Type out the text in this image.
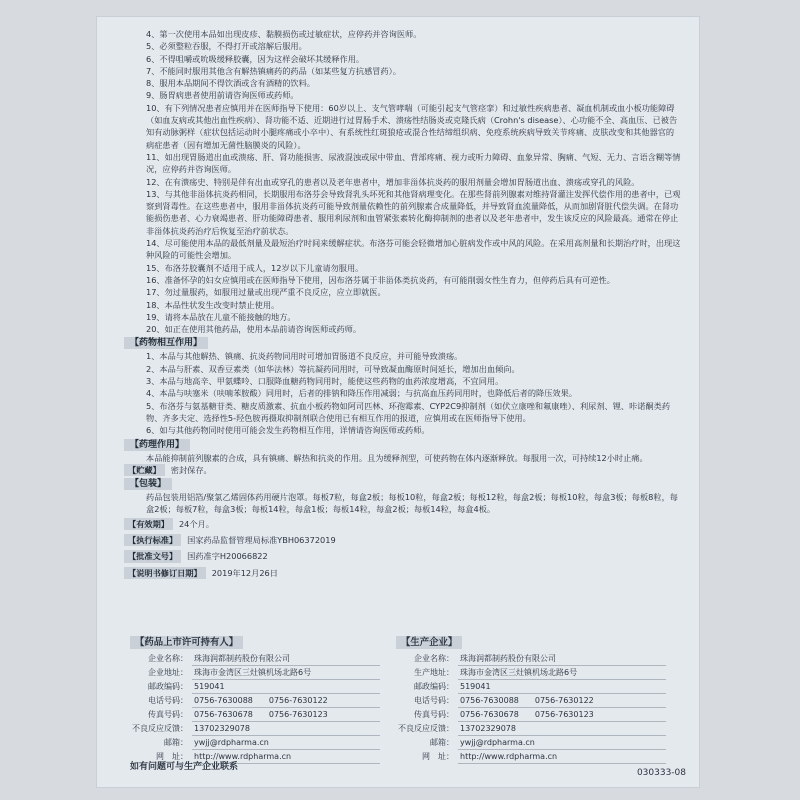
4、第一次使用本品如出现皮疹、黏膜损伤或过敏症状，应停药并咨询医师。

5、必须整粒吞服，不得打开或溶解后服用。

6、不得咀嚼或吮吸缓释胶囊，因为这样会破坏其缓释作用。

7、不能同时服用其他含有解热镇痛药的药品（如某些复方抗感冒药）。

8、服用本品期间不得饮酒或含有酒精的饮料。

9、肠胃病患者使用前请咨询医师或药师。

10、有下列情况患者应慎用并在医师指导下使用：60岁以上、支气管哮喘（可能引起支气管痉挛）和过敏性疾病患者、凝血机制或血小板功能障碍（如血友病或其他出血性疾病）、肾功能不适、近期进行过胃肠手术、溃疡性结肠炎或克隆氏病（Crohn's disease）、心功能不全、高血压、已被告知有动脉粥样（症状包括运动时小腿疼痛或小卒中）、有系统性红斑狼疮或混合性结缔组织病、免疫系统疾病导致关节疼痛、皮肤改变和其他器官的病症患者（因有增加无菌性脑膜炎的风险）。

11、如出现胃肠道出血或溃疡、肝、肾功能损害、尿液混浊或尿中带血、背部疼痛、视力或听力障碍、血象异常、胸痛、气短、无力、言语含糊等情况，应停药并咨询医师。

12、在有溃疡史、特别是伴有出血或穿孔的患者以及老年患者中，增加非甾体抗炎药的服用剂量会增加胃肠道出血、溃疡或穿孔的风险。

13、与其他非甾体抗炎药相同，长期服用布洛芬会导致肾乳头坏死和其他肾病理变化。在那些肾前列腺素对维持肾灌注发挥代偿作用的患者中，已观察到肾毒性。在这些患者中，服用非甾体抗炎药可能导致剂量依赖性的前列腺素合成量降低，并导致肾血流量降低，从而加剧肾脏代偿失调。在肾功能损伤患者、心力衰竭患者、肝功能障碍患者、服用利尿剂和血管紧张素转化酶抑制剂的患者以及老年患者中，发生该反应的风险最高。通常在停止非甾体抗炎药治疗后恢复至治疗前状态。

14、尽可能使用本品的最低剂量及最短治疗时间来缓解症状。布洛芬可能会轻微增加心脏病发作或中风的风险。在采用高剂量和长期治疗时，出现这种风险的可能性会增加。

15、布洛芬胶囊剂不适用于成人，12岁以下儿童请勿服用。

16、准备怀孕的妇女应慎用或在医师指导下使用，因布洛芬属于非甾体类抗炎药，有可能削弱女性生育力，但停药后具有可逆性。

17、勿过量服药，如服用过量或出现严重不良反应，应立即就医。

18、本品性状发生改变时禁止使用。

19、请将本品放在儿童不能接触的地方。

20、如正在使用其他药品，使用本品前请咨询医师或药师。

【药物相互作用】

1、本品与其他解热、镇痛、抗炎药物同用时可增加胃肠道不良反应，并可能导致溃疡。

2、本品与肝素、双香豆素类（如华法林）等抗凝药同用时，可导致凝血酶原时间延长，增加出血倾向。

3、本品与地高辛、甲氨蝶呤、口服降血糖药物同用时，能使这些药物的血药浓度增高，不宜同用。

4、本品与呋塞米（呋喃苯胺酸）同用时，后者的排钠和降压作用减弱；与抗高血压药同用时，也降低后者的降压效果。

5、布洛芬与氨基糖苷类、糖皮质激素、抗血小板药物如阿司匹林、环孢霉素、CYP2C9抑制剂（如伏立康唑和氟康唑）、利尿剂、锂、咔诺酮类药物、齐多夫定、选择性5-羟色胺再摄取抑制剂联合使用已有相互作用的报道，应慎用或在医师指导下使用。

6、如与其他药物同时使用可能会发生药物相互作用，详情请咨询医师或药师。

【药理作用】

本品能抑制前列腺素的合成，具有镇痛、解热和抗炎的作用。且为缓释剂型，可使药物在体内逐渐释放。每服用一次，可持续12小时止痛。

【贮藏】	密封保存。
【包装】

药品包装用铝箔/聚氯乙烯固体药用硬片泡罩。每板7粒，每盒2板；每板10粒，每盒2板；每板12粒，每盒2板；每板10粒，每盒3板；每板8粒，每盒2板；每板7粒，每盒3板；每板14粒，每盒1板；每板14粒，每盒2板；每板14粒，每盒4板。

【有效期】	24个月。
【执行标准】	国家药品监督管理局标准YBH06372019
【批准文号】	国药准字H20066822
【说明书修订日期】	2019年12月26日
【药品上市许可持有人】
企业名称： 珠海润都制药股份有限公司
企业地址： 珠海市金湾区三灶镇机场北路6号
邮政编码： 519041
电话号码： 0756-7630088　　0756-7630122
传真号码： 0756-7630678　　0756-7630123
不良反应反馈： 13702329078
邮箱： ywjj@rdpharma.cn
网　址： http://www.rdpharma.cn
【生产企业】
企业名称： 珠海润都制药股份有限公司
生产地址： 珠海市金湾区三灶镇机场北路6号
邮政编码： 519041
电话号码： 0756-7630088　　0756-7630122
传真号码： 0756-7630678　　0756-7630123
不良反应反馈： 13702329078
邮箱： ywjj@rdpharma.cn
网　址： http://www.rdpharma.cn
如有问题可与生产企业联系
030333-08
